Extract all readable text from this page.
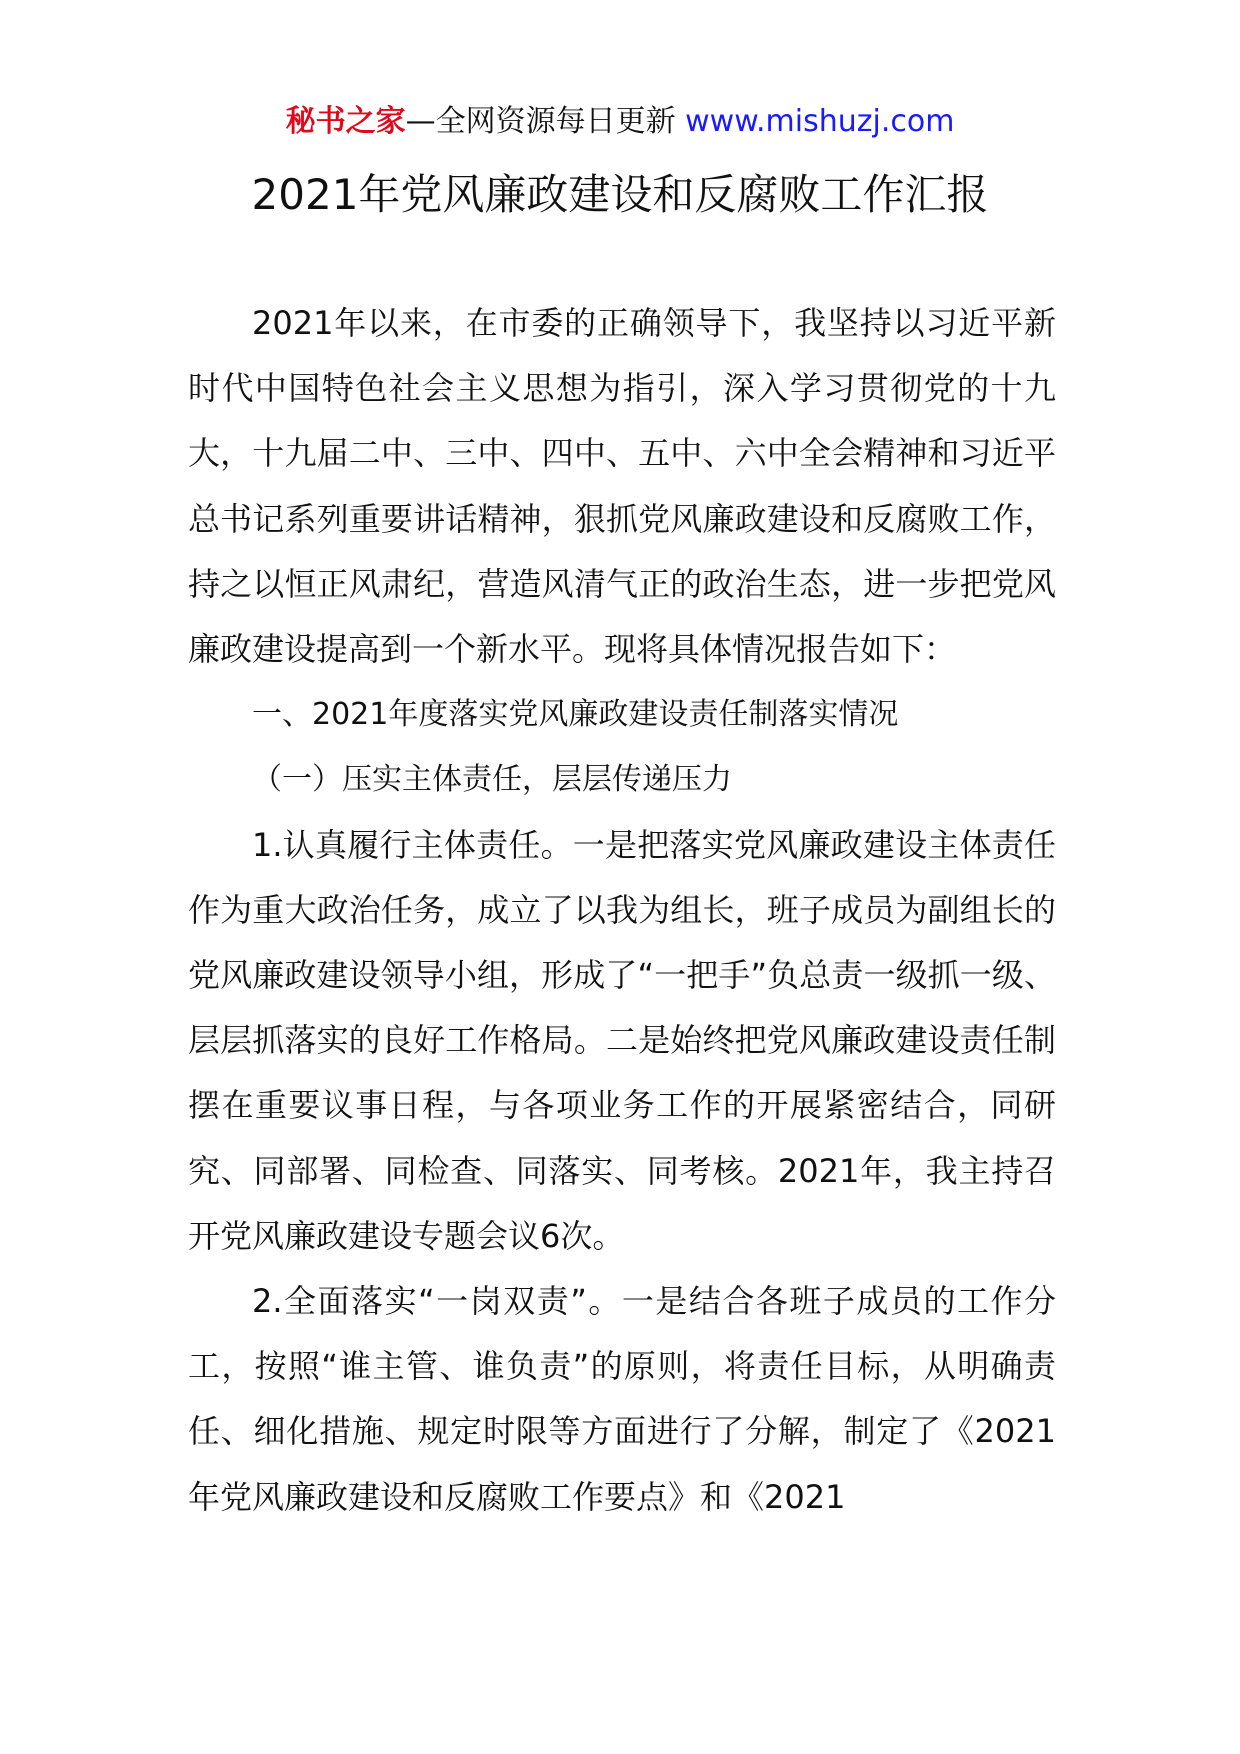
秘书之家—全网资源每日更新 www.mishuzj.com
2021年党风廉政建设和反腐败工作汇报

2021年以来，在市委的正确领导下，我坚持以习近平新时代中国特色社会主义思想为指引，深入学习贯彻党的十九大，十九届二中、三中、四中、五中、六中全会精神和习近平总书记系列重要讲话精神，狠抓党风廉政建设和反腐败工作，持之以恒正风肃纪，营造风清气正的政治生态，进一步把党风廉政建设提高到一个新水平。现将具体情况报告如下：

一、2021年度落实党风廉政建设责任制落实情况

（一）压实主体责任，层层传递压力

1.认真履行主体责任。一是把落实党风廉政建设主体责任作为重大政治任务，成立了以我为组长，班子成员为副组长的党风廉政建设领导小组，形成了“一把手”负总责一级抓一级、层层抓落实的良好工作格局。二是始终把党风廉政建设责任制摆在重要议事日程，与各项业务工作的开展紧密结合，同研究、同部署、同检查、同落实、同考核。2021年，我主持召开党风廉政建设专题会议6次。

2.全面落实“一岗双责”。一是结合各班子成员的工作分工，按照“谁主管、谁负责”的原则，将责任目标，从明确责任、细化措施、规定时限等方面进行了分解，制定了《2021年党风廉政建设和反腐败工作要点》和《2021
